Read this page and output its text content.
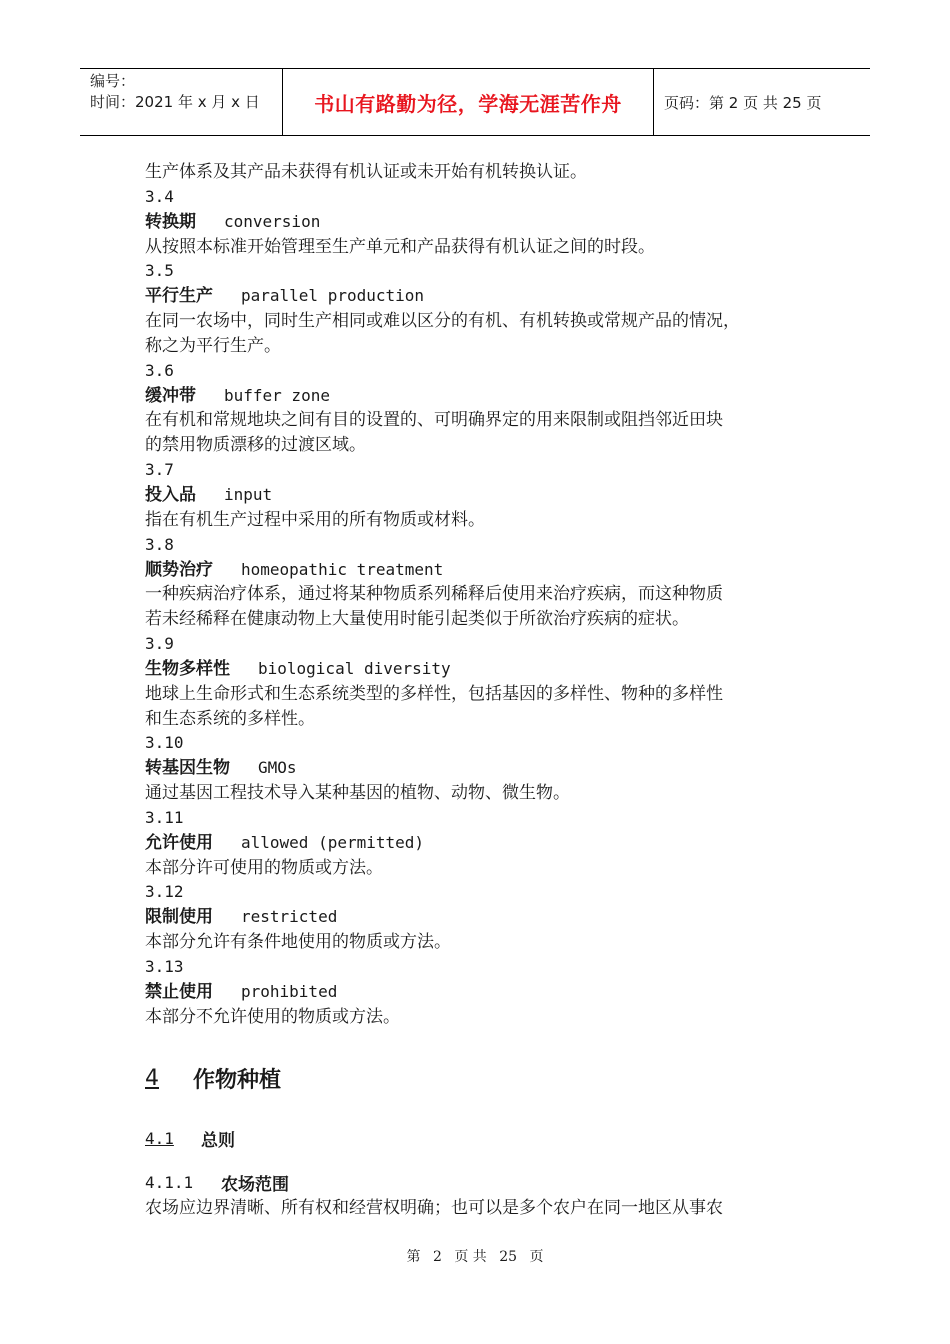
编号：
时间：2021 年 x 月 x 日	书山有路勤为径，学海无涯苦作舟	页码：第 2 页 共 25 页
生产体系及其产品未获得有机认证或未开始有机转换认证。
3.4
转换期 conversion
从按照本标准开始管理至生产单元和产品获得有机认证之间的时段。
3.5
平行生产 parallel production
在同一农场中，同时生产相同或难以区分的有机、有机转换或常规产品的情况，
称之为平行生产。
3.6
缓冲带 buffer zone
在有机和常规地块之间有目的设置的、可明确界定的用来限制或阻挡邻近田块
的禁用物质漂移的过渡区域。
3.7
投入品 input
指在有机生产过程中采用的所有物质或材料。
3.8
顺势治疗 homeopathic treatment
一种疾病治疗体系，通过将某种物质系列稀释后使用来治疗疾病，而这种物质
若未经稀释在健康动物上大量使用时能引起类似于所欲治疗疾病的症状。
3.9
生物多样性 biological diversity
地球上生命形式和生态系统类型的多样性，包括基因的多样性、物种的多样性
和生态系统的多样性。
3.10
转基因生物 GMOs
通过基因工程技术导入某种基因的植物、动物、微生物。
3.11
允许使用 allowed (permitted)
本部分许可使用的物质或方法。
3.12
限制使用 restricted
本部分允许有条件地使用的物质或方法。
3.13
禁止使用 prohibited
本部分不允许使用的物质或方法。
4	作物种植
4.1	总则
4.1.1	农场范围
农场应边界清晰、所有权和经营权明确；也可以是多个农户在同一地区从事农
第 2 页 共 25 页
